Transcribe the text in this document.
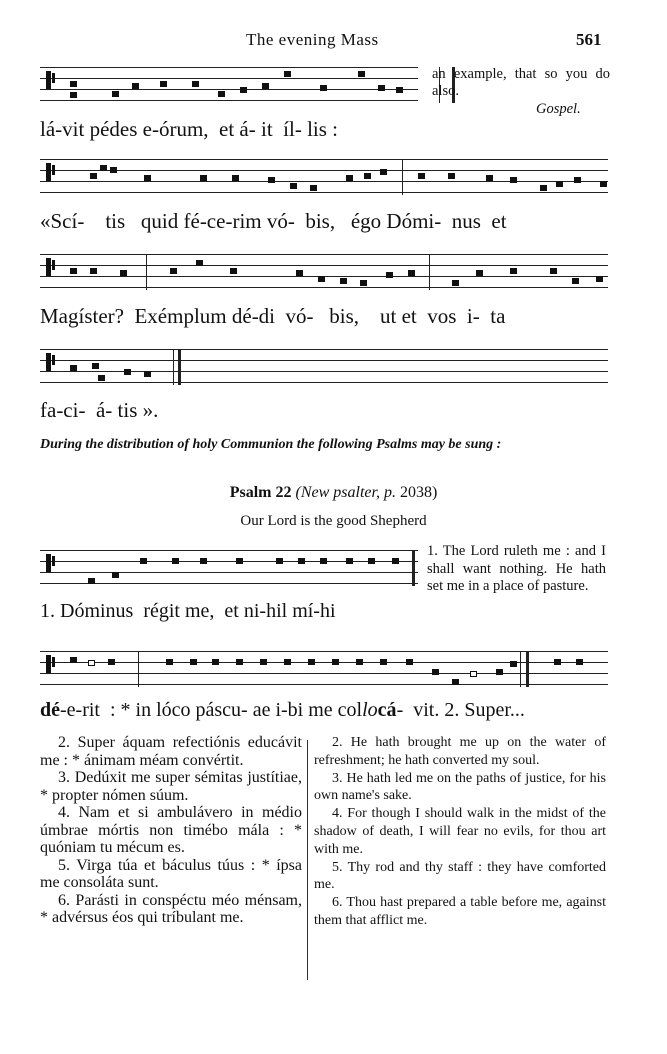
The evening Mass	561
an example, that so you do also.
Gospel.
lá-vit pédes e-órum,  et á- it  íl- lis :
«Scí-    tis   quid fé-ce-rim vó-  bis,   égo Dómi-  nus  et
Magíster?  Exémplum dé-di  vó-   bis,    ut et  vos  i-  ta
fa-ci-  á- tis ».
During the distribution of holy Communion the following Psalms may be sung :
Psalm 22 (New psalter, p. 2038)
Our Lord is the good Shepherd
1. Dóminus  régit me,  et ni-hil mí-hi
1. The Lord ruleth me : and I shall want nothing. He hath set me in a place of pasture.
dé-e-rit  : * in lóco páscu- ae i-bi me collocá-  vit. 2. Super...

2. Super áquam refectiónis educávit me : * ánimam méam convértit.

3. Dedúxit me super sémitas justítiae, * propter nómen súum.

4. Nam et si ambulávero in médio úmbrae mórtis non timébo mála : * quóniam tu mécum es.

5. Virga túa et báculus túus : * ípsa me consoláta sunt.

6. Parásti in conspéctu méo ménsam, * advérsus éos qui tríbulant me.

2. He hath brought me up on the water of refreshment; he hath converted my soul.

3. He hath led me on the paths of justice, for his own name's sake.

4. For though I should walk in the midst of the shadow of death, I will fear no evils, for thou art with me.

5. Thy rod and thy staff : they have comforted me.

6. Thou hast prepared a table before me, against them that afflict me.
